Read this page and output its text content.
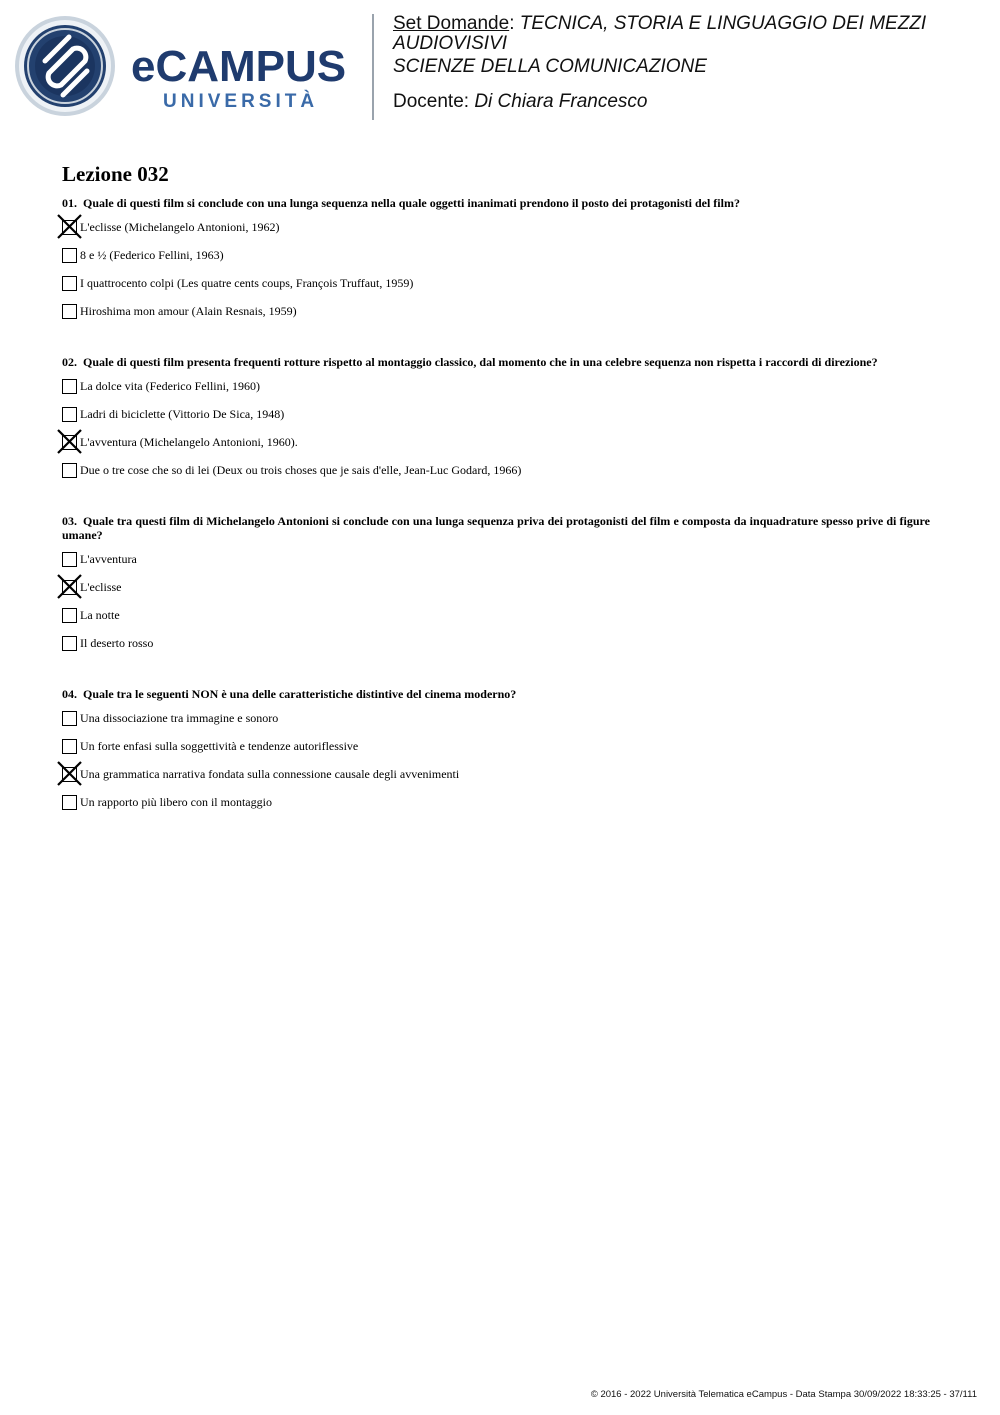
eCAMPUS
UNIVERSITÀ

Set Domande: TECNICA, STORIA E LINGUAGGIO DEI MEZZI AUDIOVISIVI

SCIENZE DELLA COMUNICAZIONE

Docente: Di Chiara Francesco

Lezione 032

01. Quale di questi film si conclude con una lunga sequenza nella quale oggetti inanimati prendono il posto dei protagonisti del film?

L'eclisse (Michelangelo Antonioni, 1962)
8 e ½ (Federico Fellini, 1963)
I quattrocento colpi (Les quatre cents coups, François Truffaut, 1959)
Hiroshima mon amour (Alain Resnais, 1959)

02. Quale di questi film presenta frequenti rotture rispetto al montaggio classico, dal momento che in una celebre sequenza non rispetta i raccordi di direzione?

La dolce vita (Federico Fellini, 1960)
Ladri di biciclette (Vittorio De Sica, 1948)
L'avventura (Michelangelo Antonioni, 1960).
Due o tre cose che so di lei (Deux ou trois choses que je sais d'elle, Jean-Luc Godard, 1966)

03. Quale tra questi film di Michelangelo Antonioni si conclude con una lunga sequenza priva dei protagonisti del film e composta da inquadrature spesso prive di figure umane?

L'avventura
L'eclisse
La notte
Il deserto rosso

04. Quale tra le seguenti NON è una delle caratteristiche distintive del cinema moderno?

Una dissociazione tra immagine e sonoro
Un forte enfasi sulla soggettività e tendenze autoriflessive
Una grammatica narrativa fondata sulla connessione causale degli avvenimenti
Un rapporto più libero con il montaggio
© 2016 - 2022 Università Telematica eCampus - Data Stampa 30/09/2022 18:33:25 - 37/111
